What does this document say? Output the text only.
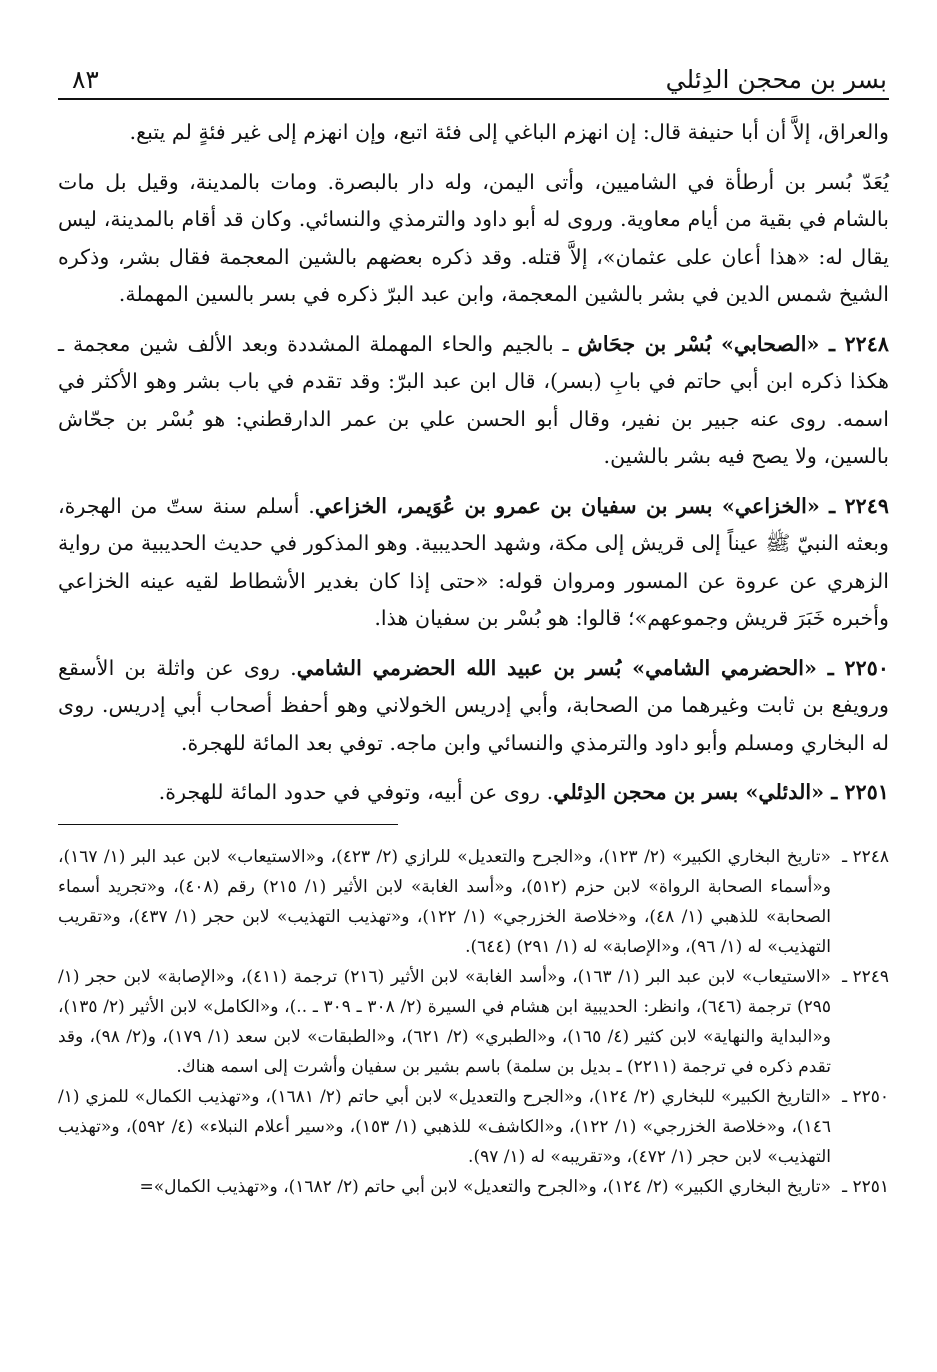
بسر بن محجن الدِئلي
٨٣

والعراق، إلاَّ أن أبا حنيفة قال: إن انهزم الباغي إلى فئة اتبع، وإن انهزم إلى غير فئةٍ لم يتبع.

يُعَدّ بُسر بن أرطأة في الشاميين، وأتى اليمن، وله دار بالبصرة. ومات بالمدينة، وقيل بل مات بالشام في بقية من أيام معاوية. وروى له أبو داود والترمذي والنسائي. وكان قد أقام بالمدينة، ليس يقال له: «هذا أعان على عثمان»، إلاَّ قتله. وقد ذكره بعضهم بالشين المعجمة فقال بشر، وذكره الشيخ شمس الدين في بشر بالشين المعجمة، وابن عبد البرّ ذكره في بسر بالسين المهملة.

٢٢٤٨ ـ «الصحابي» بُسْر بن جحَاش ـ بالجيم والحاء المهملة المشددة وبعد الألف شين معجمة ـ هكذا ذكره ابن أبي حاتم في بابِ (بسر)، قال ابن عبد البرّ: وقد تقدم في باب بشر وهو الأكثر في اسمه. روى عنه جبير بن نفير، وقال أبو الحسن علي بن عمر الدارقطني: هو بُسْر بن جحّاش بالسين، ولا يصح فيه بشر بالشين.

٢٢٤٩ ـ «الخزاعي» بسر بن سفيان بن عمرو بن عُوَيمر، الخزاعي. أسلم سنة ستّ من الهجرة، وبعثه النبيّ ﷺ عيناً إلى قريش إلى مكة، وشهد الحديبية. وهو المذكور في حديث الحديبية من رواية الزهري عن عروة عن المسور ومروان قوله: «حتى إذا كان بغدير الأشطاط لقيه عينه الخزاعي وأخبره خَبَرَ قريش وجموعهم»؛ قالوا: هو بُسْر بن سفيان هذا.

٢٢٥٠ ـ «الحضرمي الشامي» بُسر بن عبيد الله الحضرمي الشامي. روى عن واثلة بن الأسقع ورويفع بن ثابت وغيرهما من الصحابة، وأبي إدريس الخولاني وهو أحفظ أصحاب أبي إدريس. روى له البخاري ومسلم وأبو داود والترمذي والنسائي وابن ماجه. توفي بعد المائة للهجرة.

٢٢٥١ ـ «الدئلي» بسر بن محجن الدِئلي. روى عن أبيه، وتوفي في حدود المائة للهجرة.

٢٢٤٨ ـ
«تاريخ البخاري الكبير» (٢/ ١٢٣)، و«الجرح والتعديل» للرازي (٢/ ٤٢٣)، و«الاستيعاب» لابن عبد البر (١/ ١٦٧)، و«أسماء الصحابة الرواة» لابن حزم (٥١٢)، و«أسد الغابة» لابن الأثير (١/ ٢١٥) رقم (٤٠٨)، و«تجريد أسماء الصحابة» للذهبي (١/ ٤٨)، و«خلاصة الخزرجي» (١/ ١٢٢)، و«تهذيب التهذيب» لابن حجر (١/ ٤٣٧)، و«تقريب التهذيب» له (١/ ٩٦)، و«الإصابة» له (١/ ٢٩١) (٦٤٤).
٢٢٤٩ ـ
«الاستيعاب» لابن عبد البر (١/ ١٦٣)، و«أسد الغابة» لابن الأثير (٢١٦) ترجمة (٤١١)، و«الإصابة» لابن حجر (١/ ٢٩٥) ترجمة (٦٤٦)، وانظر: الحديبية ابن هشام في السيرة (٢/ ٣٠٨ ـ ٣٠٩ ـ ..)، و«الكامل» لابن الأثير (٢/ ١٣٥)، و«البداية والنهاية» لابن كثير (٤/ ١٦٥)، و«الطبري» (٢/ ٦٢١)، و«الطبقات» لابن سعد (١/ ١٧٩)، و(٢/ ٩٨)، وقد تقدم ذكره في ترجمة (٢٢١١) ـ بديل بن سلمة) باسم بشير بن سفيان وأشرت إلى اسمه هناك.
٢٢٥٠ ـ
«التاريخ الكبير» للبخاري (٢/ ١٢٤)، و«الجرح والتعديل» لابن أبي حاتم (٢/ ١٦٨١)، و«تهذيب الكمال» للمزي (١/ ١٤٦)، و«خلاصة الخزرجي» (١/ ١٢٢)، و«الكاشف» للذهبي (١/ ١٥٣)، و«سير أعلام النبلاء» (٤/ ٥٩٢)، و«تهذيب التهذيب» لابن حجر (١/ ٤٧٢)، و«تقريبه» له (١/ ٩٧).
٢٢٥١ ـ
«تاريخ البخاري الكبير» (٢/ ١٢٤)، و«الجرح والتعديل» لابن أبي حاتم (٢/ ١٦٨٢)، و«تهذيب الكمال»=
